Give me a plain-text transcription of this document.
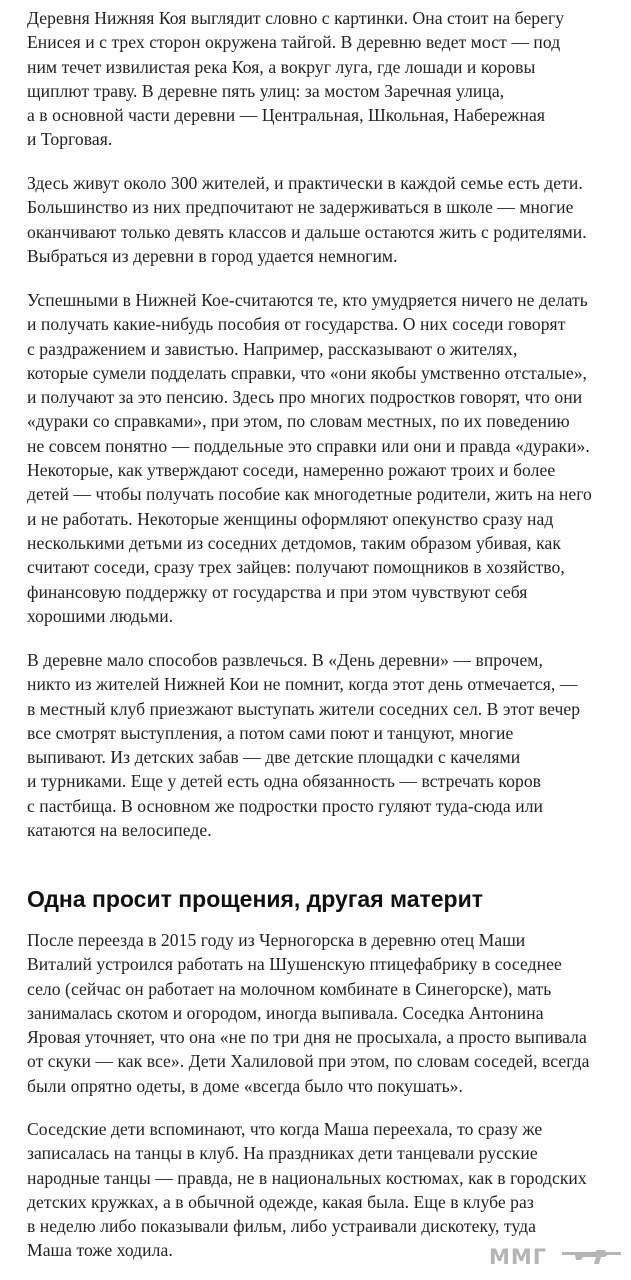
Деревня Нижняя Коя выглядит словно с картинки. Она стоит на берегу
Енисея и с трех сторон окружена тайгой. В деревню ведет мост — под
ним течет извилистая река Коя, а вокруг луга, где лошади и коровы
щиплют траву. В деревне пять улиц: за мостом Заречная улица,
а в основной части деревни — Центральная, Школьная, Набережная
и Торговая.

Здесь живут около 300 жителей, и практически в каждой семье есть дети.
Большинство из них предпочитают не задерживаться в школе — многие
оканчивают только девять классов и дальше остаются жить с родителями.
Выбраться из деревни в город удается немногим.

Успешными в Нижней Кое-считаются те, кто умудряется ничего не делать
и получать какие-нибудь пособия от государства. О них соседи говорят
с раздражением и завистью. Например, рассказывают о жителях,
которые сумели подделать справки, что «они якобы умственно отсталые»,
и получают за это пенсию. Здесь про многих подростков говорят, что они
«дураки со справками», при этом, по словам местных, по их поведению
не совсем понятно — поддельные это справки или они и правда «дураки».
Некоторые, как утверждают соседи, намеренно рожают троих и более
детей — чтобы получать пособие как многодетные родители, жить на него
и не работать. Некоторые женщины оформляют опекунство сразу над
несколькими детьми из соседних детдомов, таким образом убивая, как
считают соседи, сразу трех зайцев: получают помощников в хозяйство,
финансовую поддержку от государства и при этом чувствуют себя
хорошими людьми.

В деревне мало способов развлечься. В «День деревни» — впрочем,
никто из жителей Нижней Кои не помнит, когда этот день отмечается, —
в местный клуб приезжают выступать жители соседних сел. В этот вечер
все смотрят выступления, а потом сами поют и танцуют, многие
выпивают. Из детских забав — две детские площадки с качелями
и турниками. Еще у детей есть одна обязанность — встречать коров
с пастбища. В основном же подростки просто гуляют туда-сюда или
катаются на велосипеде.

Одна просит прощения, другая материт

После переезда в 2015 году из Черногорска в деревню отец Маши
Виталий устроился работать на Шушенскую птицефабрику в соседнее
село (сейчас он работает на молочном комбинате в Синегорске), мать
занималась скотом и огородом, иногда выпивала. Соседка Антонина
Яровая уточняет, что она «не по три дня не просыхала, а просто выпивала
от скуки — как все». Дети Халиловой при этом, по словам соседей, всегда
были опрятно одеты, в доме «всегда было что покушать».

Соседские дети вспоминают, что когда Маша переехала, то сразу же
записалась на танцы в клуб. На праздниках дети танцевали русские
народные танцы — правда, не в национальных костюмах, как в городских
детских кружках, а в обычной одежде, какая была. Еще в клубе раз
в неделю либо показывали фильм, либо устраивали дискотеку, туда
Маша тоже ходила.	ММГ
